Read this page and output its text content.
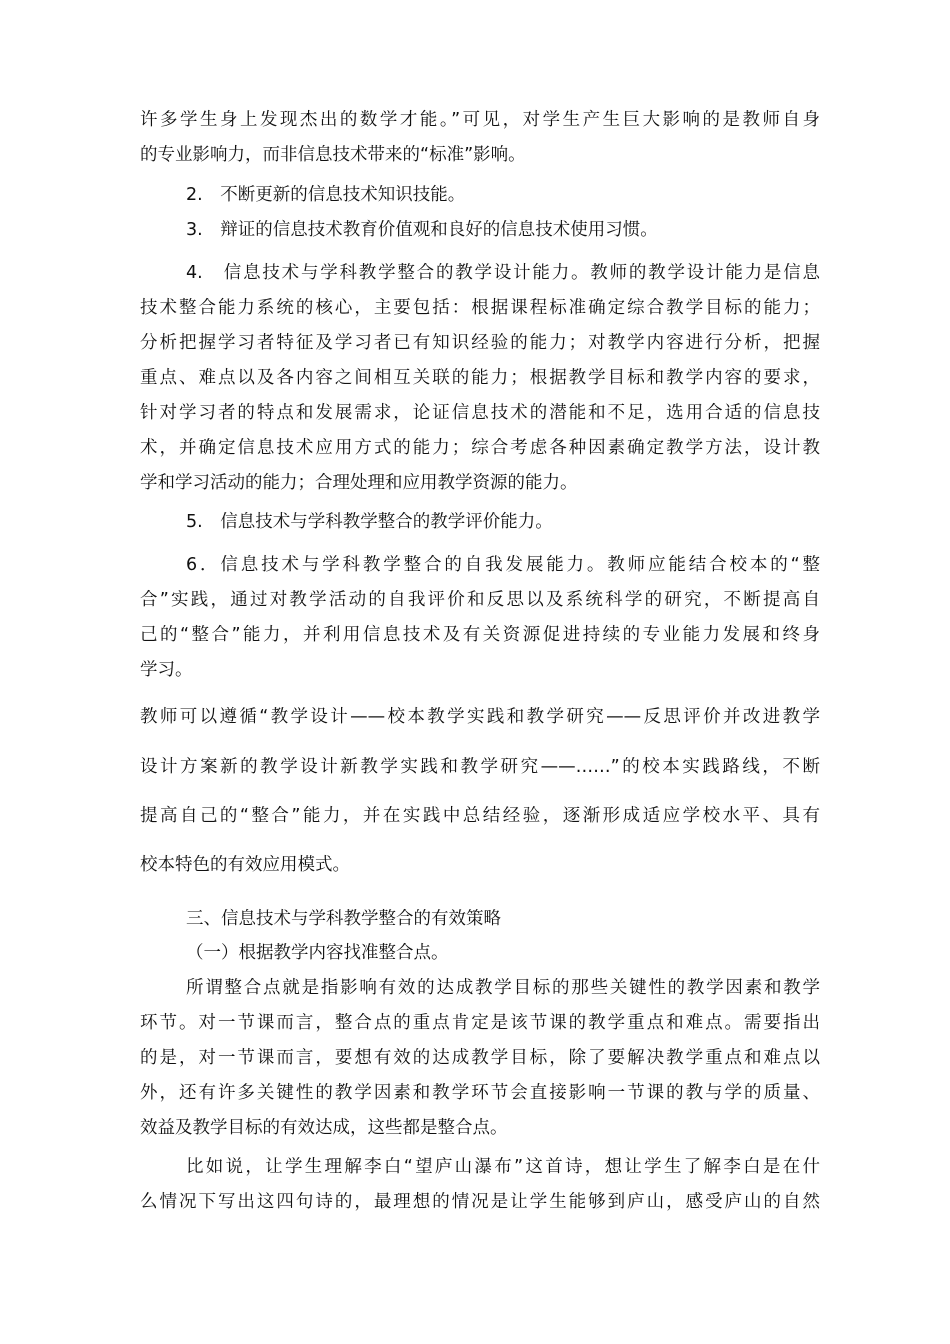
许多学生身上发现杰出的数学才能。”可见，对学生产生巨大影响的是教师自身
的专业影响力，而非信息技术带来的“标准”影响。
2.　不断更新的信息技术知识技能。
3.　辩证的信息技术教育价值观和良好的信息技术使用习惯。
4.　信息技术与学科教学整合的教学设计能力。教师的教学设计能力是信息
技术整合能力系统的核心，主要包括：根据课程标准确定综合教学目标的能力；
分析把握学习者特征及学习者已有知识经验的能力；对教学内容进行分析，把握
重点、难点以及各内容之间相互关联的能力；根据教学目标和教学内容的要求，
针对学习者的特点和发展需求，论证信息技术的潜能和不足，选用合适的信息技
术，并确定信息技术应用方式的能力；综合考虑各种因素确定教学方法，设计教
学和学习活动的能力；合理处理和应用教学资源的能力。
5.　信息技术与学科教学整合的教学评价能力。
6．信息技术与学科教学整合的自我发展能力。教师应能结合校本的“整
合”实践，通过对教学活动的自我评价和反思以及系统科学的研究，不断提高自
己的“整合”能力，并利用信息技术及有关资源促进持续的专业能力发展和终身
学习。
教师可以遵循“教学设计——校本教学实践和教学研究——反思评价并改进教学
设计方案新的教学设计新教学实践和教学研究——……”的校本实践路线，不断
提高自己的“整合”能力，并在实践中总结经验，逐渐形成适应学校水平、具有
校本特色的有效应用模式。
三、信息技术与学科教学整合的有效策略
（一）根据教学内容找准整合点。
所谓整合点就是指影响有效的达成教学目标的那些关键性的教学因素和教学
环节。对一节课而言，整合点的重点肯定是该节课的教学重点和难点。需要指出
的是，对一节课而言，要想有效的达成教学目标，除了要解决教学重点和难点以
外，还有许多关键性的教学因素和教学环节会直接影响一节课的教与学的质量、
效益及教学目标的有效达成，这些都是整合点。
比如说，让学生理解李白“望庐山瀑布”这首诗，想让学生了解李白是在什
么情况下写出这四句诗的，最理想的情况是让学生能够到庐山，感受庐山的自然
